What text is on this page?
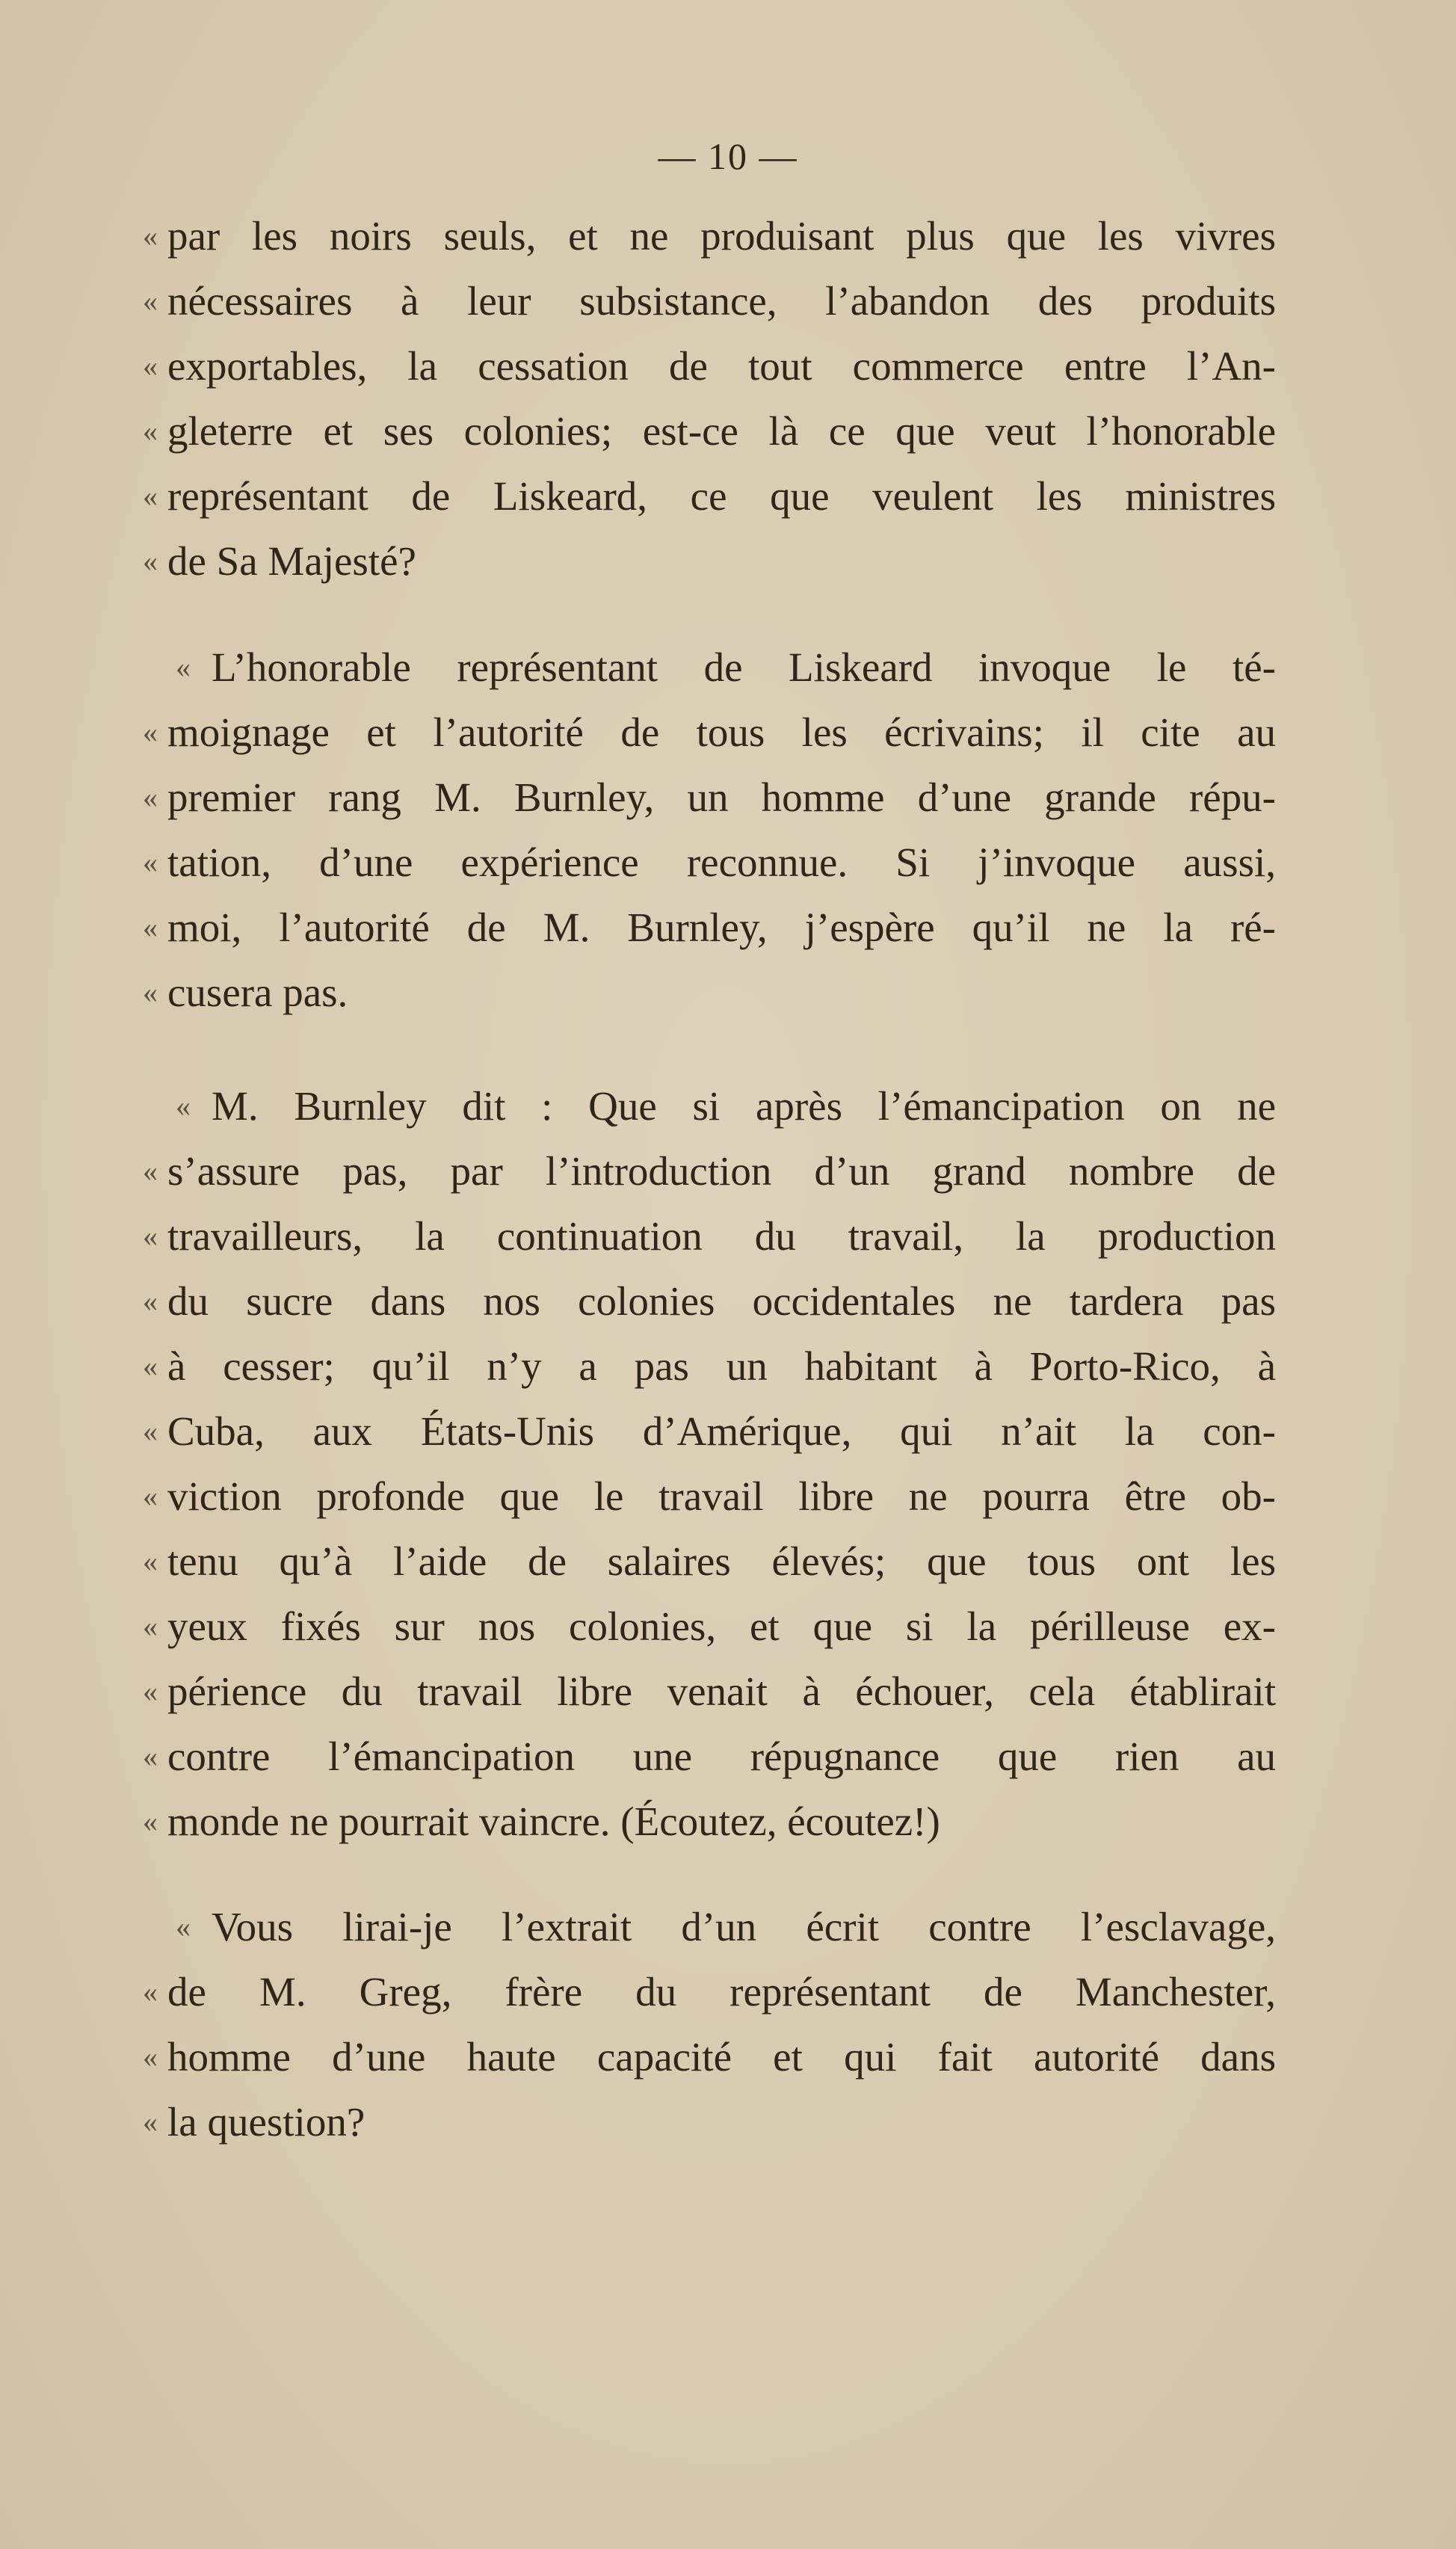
— 10 —
« par les noirs seuls, et ne produisant plus que les vivres
« nécessaires à leur subsistance, l’abandon des produits
« exportables, la cessation de tout commerce entre l’An-
« gleterre et ses colonies; est-ce là ce que veut l’honorable
« représentant de Liskeard, ce que veulent les ministres
« de Sa Majesté?
« L’honorable représentant de Liskeard invoque le té-
« moignage et l’autorité de tous les écrivains; il cite au
« premier rang M. Burnley, un homme d’une grande répu-
« tation, d’une expérience reconnue. Si j’invoque aussi,
« moi, l’autorité de M. Burnley, j’espère qu’il ne la ré-
« cusera pas.
« M. Burnley dit : Que si après l’émancipation on ne
« s’assure pas, par l’introduction d’un grand nombre de
« travailleurs, la continuation du travail, la production
« du sucre dans nos colonies occidentales ne tardera pas
« à cesser; qu’il n’y a pas un habitant à Porto-Rico, à
« Cuba, aux États-Unis d’Amérique, qui n’ait la con-
« viction profonde que le travail libre ne pourra être ob-
« tenu qu’à l’aide de salaires élevés; que tous ont les
« yeux fixés sur nos colonies, et que si la périlleuse ex-
« périence du travail libre venait à échouer, cela établirait
« contre l’émancipation une répugnance que rien au
« monde ne pourrait vaincre. (Écoutez, écoutez!)
« Vous lirai-je l’extrait d’un écrit contre l’esclavage,
« de M. Greg, frère du représentant de Manchester,
« homme d’une haute capacité et qui fait autorité dans
« la question?
